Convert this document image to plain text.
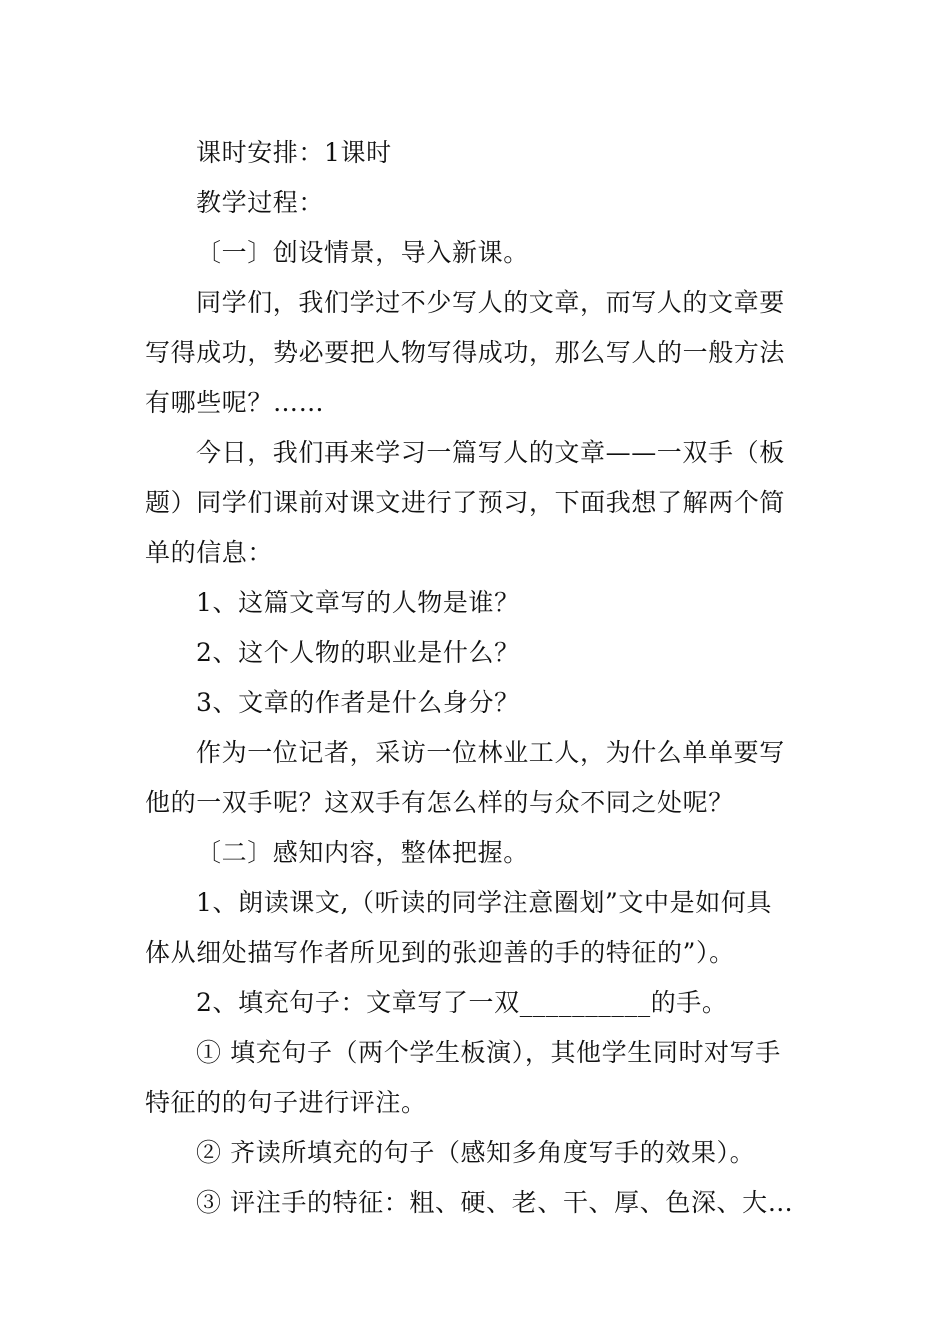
课时安排：1课时
教学过程：
〔一〕创设情景，导入新课。
同学们，我们学过不少写人的文章，而写人的文章要
写得成功，势必要把人物写得成功，那么写人的一般方法
有哪些呢？……
今日，我们再来学习一篇写人的文章——一双手（板
题）同学们课前对课文进行了预习，下面我想了解两个简
单的信息：
1、这篇文章写的人物是谁？
2、这个人物的职业是什么？
3、文章的作者是什么身分？
作为一位记者，采访一位林业工人，为什么单单要写
他的一双手呢？这双手有怎么样的与众不同之处呢？
〔二〕感知内容，整体把握。
1、朗读课文,（听读的同学注意圈划”文中是如何具
体从细处描写作者所见到的张迎善的手的特征的”）。
2、填充句子：文章写了一双__________的手。
① 填充句子（两个学生板演），其他学生同时对写手
特征的的句子进行评注。
② 齐读所填充的句子（感知多角度写手的效果）。
③ 评注手的特征：粗、硬、老、干、厚、色深、大…
